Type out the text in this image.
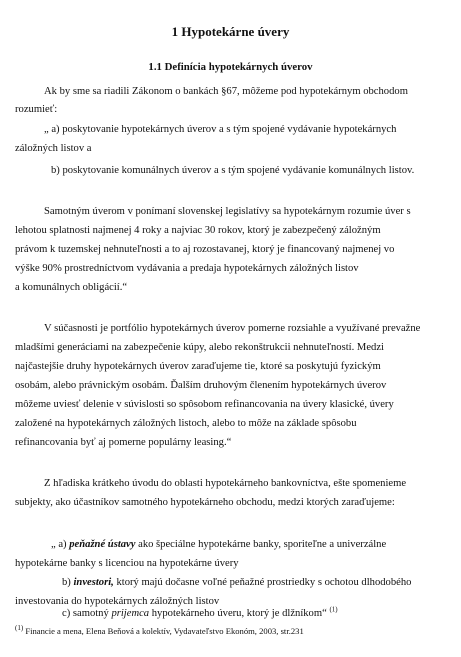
1 Hypotekárne úvery
1.1 Definícia hypotekárnych úverov
Ak by sme sa riadili Zákonom o bankách §67, môžeme pod hypotekárnym obchodom
rozumieť:
„ a) poskytovanie hypotekárnych úverov a s tým spojené vydávanie hypotekárnych
záložných listov a
b) poskytovanie komunálnych úverov a s tým spojené vydávanie komunálnych listov.
Samotným úverom v ponímaní slovenskej legislatívy sa hypotekárnym rozumie úver s
lehotou splatnosti najmenej 4 roky a najviac 30 rokov, ktorý je zabezpečený záložným
právom k tuzemskej nehnuteľnosti a to aj rozostavanej, ktorý je financovaný najmenej vo
výške 90% prostredníctvom vydávania a predaja hypotekárnych záložných listov
a komunálnych obligácií.“
V súčasnosti je portfólio hypotekárnych úverov pomerne rozsiahle a využívané prevažne
mladšími generáciami na zabezpečenie kúpy, alebo rekonštrukcii nehnuteľností. Medzi
najčastejšie druhy hypotekárnych úverov zaraďujeme tie, ktoré sa poskytujú fyzickým
osobám, alebo právnickým osobám. Ďalším druhovým členením hypotekárnych úverov
môžeme uviesť delenie v súvislosti so spôsobom refinancovania na úvery klasické, úvery
založené na hypotekárnych záložných listoch, alebo to môže na základe spôsobu
refinancovania byť aj pomerne populárny leasing.“
Z hľadiska krátkeho úvodu do oblasti hypotekárneho bankovníctva, ešte spomenieme
subjekty, ako účastníkov samotného hypotekárneho obchodu, medzi ktorých zaraďujeme:
„ a) peňažné ústavy ako špeciálne hypotekárne banky, sporiteľne a univerzálne
hypotekárne banky s licenciou na hypotekárne úvery
b) investori, ktorý majú dočasne voľné peňažné prostriedky s ochotou dlhodobého
investovania do hypotekárnych záložných listov
c) samotný prijemca hypotekárneho úveru, ktorý je dlžníkom“ $^{(1)}$
$^{(1)}$ Financie a mena, Elena Beňová a kolektív, Vydavateľstvo Ekonóm, 2003, str.231
